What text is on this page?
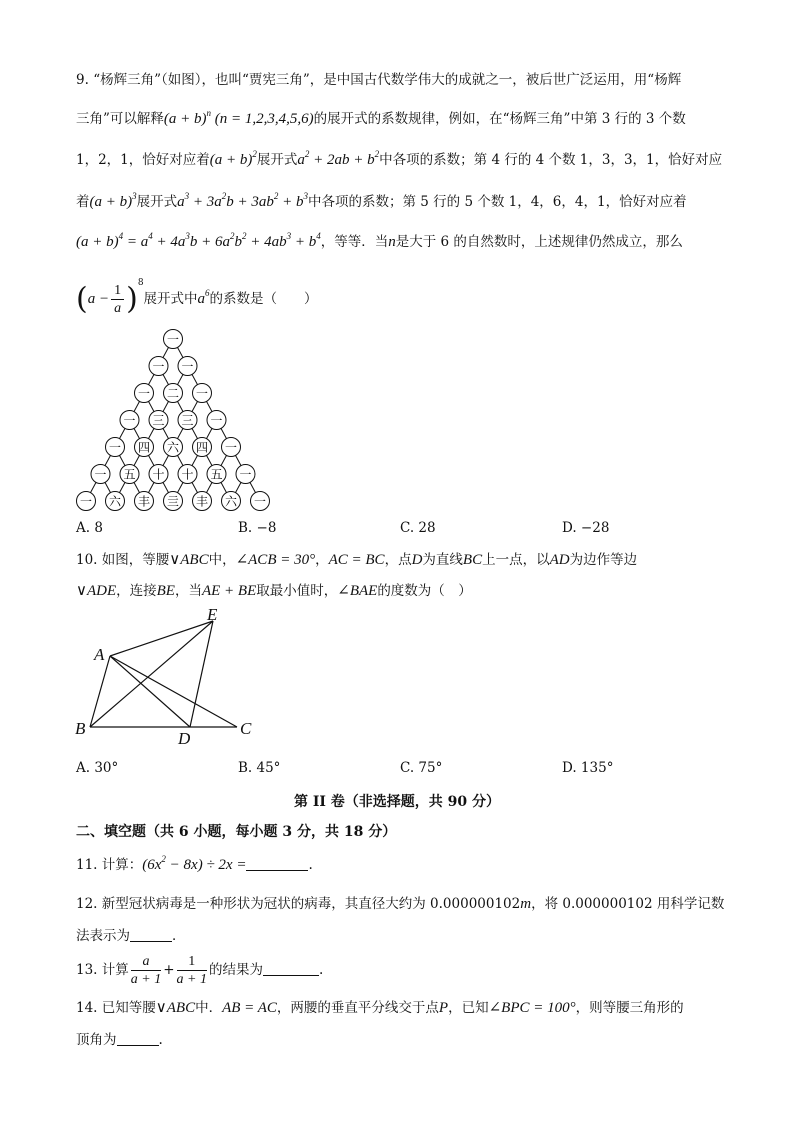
9. “杨辉三角”（如图），也叫“贾宪三角”，是中国古代数学伟大的成就之一，被后世广泛运用，用“杨辉
三角”可以解释$(a + b)^n$ (n = 1,2,3,4,5,6)的展开式的系数规律，例如，在“杨辉三角”中第 3 行的 3 个数
1，2，1，恰好对应着$(a + b)^2$展开式$a^2 + 2ab + b^2$中各项的系数；第 4 行的 4 个数 1，3，3，1，恰好对应
着$(a + b)^3$展开式$a^3 + 3a^2b + 3ab^2 + b^3$中各项的系数；第 5 行的 5 个数 1，4，6，4，1，恰好对应着
$(a + b)^4 = a^4 + 4a^3b + 6a^2b^2 + 4ab^3 + b^4$，等等．当n是大于 6 的自然数时，上述规律仍然成立，那么
$(a - \frac{1}{a} )^8$展开式中$a^6$的系数是（　　）
一
一 一
一 二 一
一 三 三 一
一 四 六 四 一
一 五 十 十 五 一
一 六 丰 亖 丰 六 一
A. 8	B. −8	C. 28	D. −28
10. 如图，等腰∨ABC中，∠ACB = 30°，AC = BC，点D为直线BC上一点，以AD为边作等边
∨ADE，连接BE，当AE + BE取最小值时，∠BAE的度数为（　）
A
B	C
D
E
A. 30°	B. 45°	C. 75°	D. 135°
第 II 卷（非选择题，共 90 分）
二、填空题（共 6 小题，每小题 3 分，共 18 分）
11. 计算：$(6x^2 - 8x) \div 2x$ =	.
12. 新型冠状病毒是一种形状为冠状的病毒，其直径大约为 0.000000102m，将 0.000000102 用科学记数
法表示为	．
13. 计算 $\frac{a}{a + 1} + \frac{1}{a + 1}$ 的结果为	.
14. 已知等腰∨ABC中．AB = AC，两腰的垂直平分线交于点P，已知∠BPC = 100°，则等腰三角形的
顶角为	.
